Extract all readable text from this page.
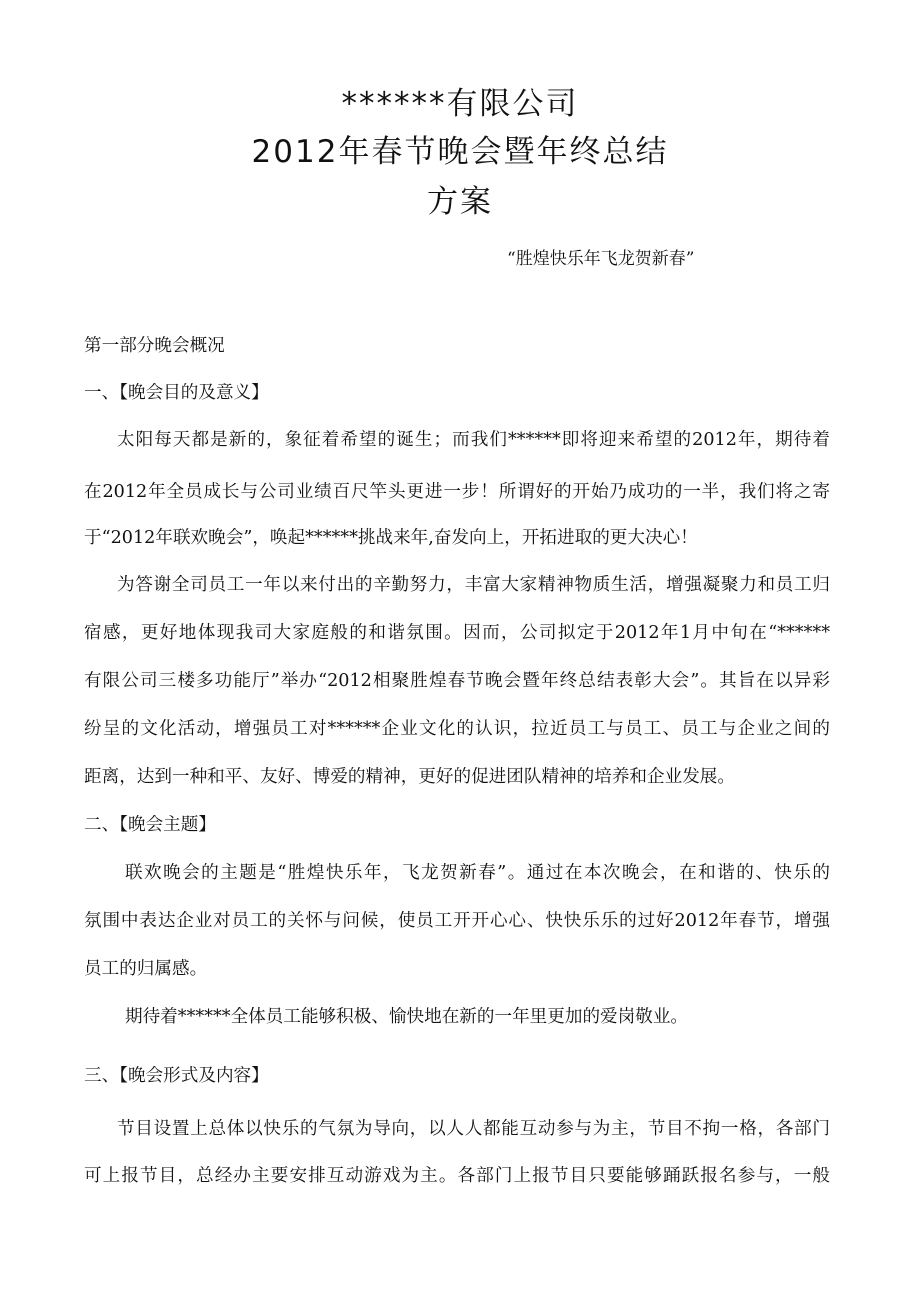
******有限公司
2012年春节晚会暨年终总结
方案
“胜煌快乐年飞龙贺新春”
第一部分晚会概况
一、【晚会目的及意义】
太阳每天都是新的，象征着希望的诞生；而我们******即将迎来希望的2012年，期待着
在2012年全员成长与公司业绩百尺竿头更进一步！所谓好的开始乃成功的一半，我们将之寄
于“2012年联欢晚会”，唤起******挑战来年,奋发向上，开拓进取的更大决心！
为答谢全司员工一年以来付出的辛勤努力，丰富大家精神物质生活，增强凝聚力和员工归
宿感，更好地体现我司大家庭般的和谐氛围。因而，公司拟定于2012年1月中旬在“******
有限公司三楼多功能厅”举办“2012相聚胜煌春节晚会暨年终总结表彰大会”。其旨在以异彩
纷呈的文化活动，增强员工对******企业文化的认识，拉近员工与员工、员工与企业之间的
距离，达到一种和平、友好、博爱的精神，更好的促进团队精神的培养和企业发展。
二、【晚会主题】
联欢晚会的主题是“胜煌快乐年，飞龙贺新春”。通过在本次晚会，在和谐的、快乐的
氛围中表达企业对员工的关怀与问候，使员工开开心心、快快乐乐的过好2012年春节，增强
员工的归属感。
期待着******全体员工能够积极、愉快地在新的一年里更加的爱岗敬业。
三、【晚会形式及内容】
节目设置上总体以快乐的气氛为导向，以人人都能互动参与为主，节目不拘一格，各部门
可上报节目，总经办主要安排互动游戏为主。各部门上报节目只要能够踊跃报名参与，一般
